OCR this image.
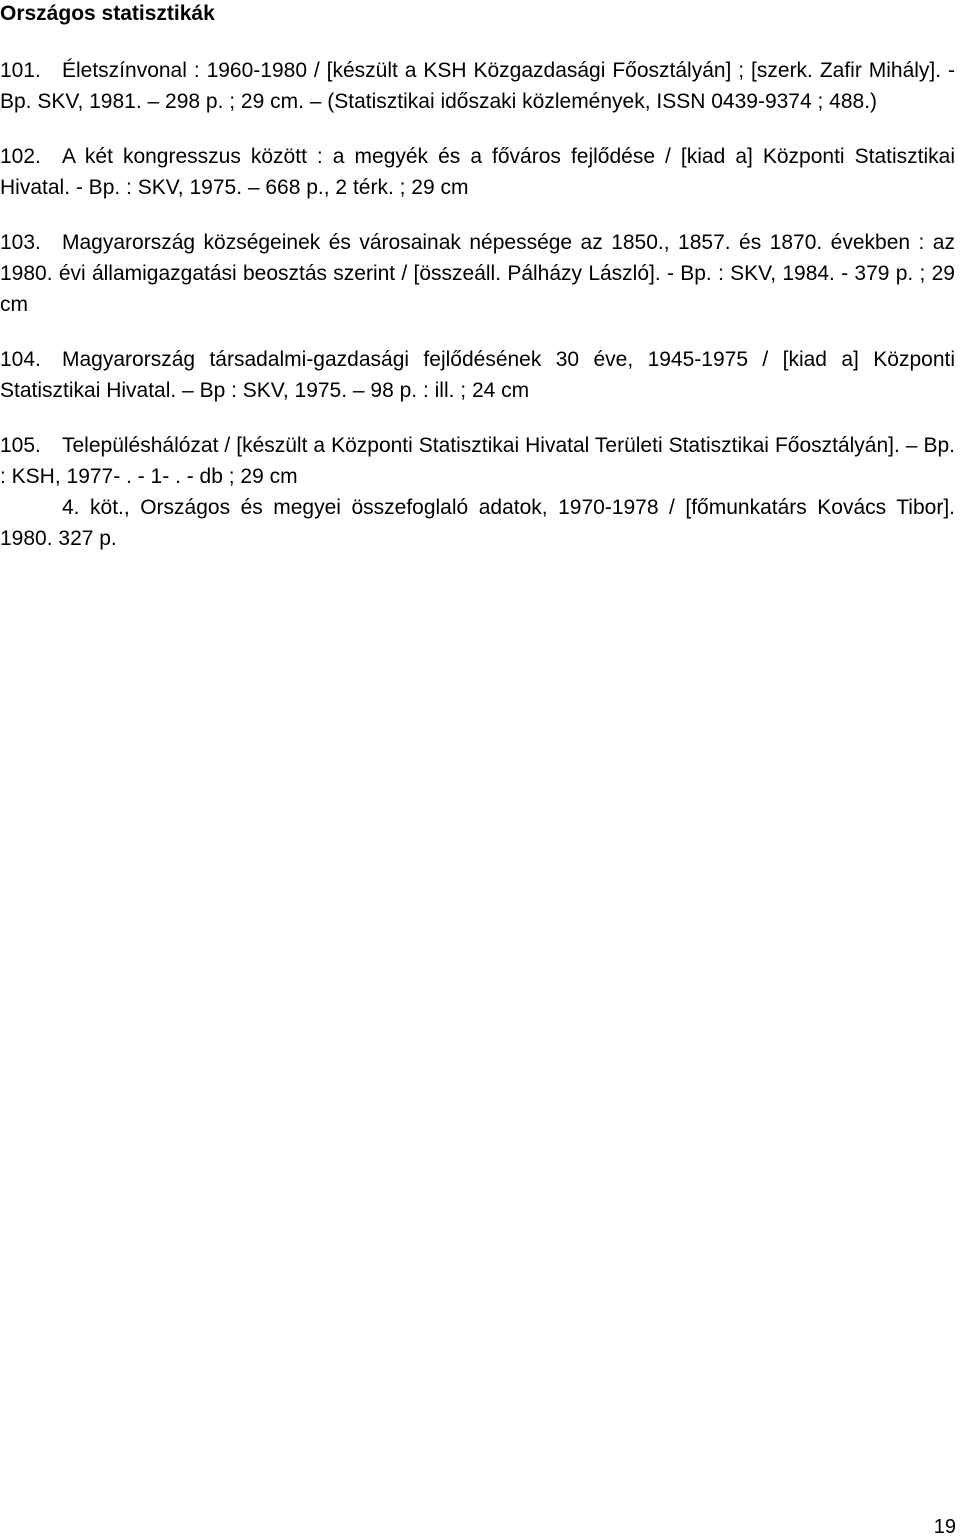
Országos statisztikák

101. Életszínvonal : 1960-1980 / [készült a KSH Közgazdasági Főosztályán] ; [szerk. Zafir Mihály]. - Bp. SKV, 1981. – 298 p. ; 29 cm. – (Statisztikai időszaki közlemények, ISSN 0439-9374 ; 488.)

102. A két kongresszus között : a megyék és a főváros fejlődése / [kiad a] Központi Statisztikai Hivatal. - Bp. : SKV, 1975. – 668 p., 2 térk. ; 29 cm

103. Magyarország községeinek és városainak népessége az 1850., 1857. és 1870. években : az 1980. évi államigazgatási beosztás szerint / [összeáll. Pálházy László]. - Bp. : SKV, 1984. - 379 p. ; 29 cm

104. Magyarország társadalmi-gazdasági fejlődésének 30 éve, 1945-1975 / [kiad a] Központi Statisztikai Hivatal. – Bp : SKV, 1975. – 98 p. : ill. ; 24 cm

105. Településhálózat / [készült a Központi Statisztikai Hivatal Területi Statisztikai Főosztályán]. – Bp. : KSH, 1977- . - 1- . - db ; 29 cm

4. köt., Országos és megyei összefoglaló adatok, 1970-1978 / [főmunkatárs Kovács Tibor]. 1980. 327 p.

19
